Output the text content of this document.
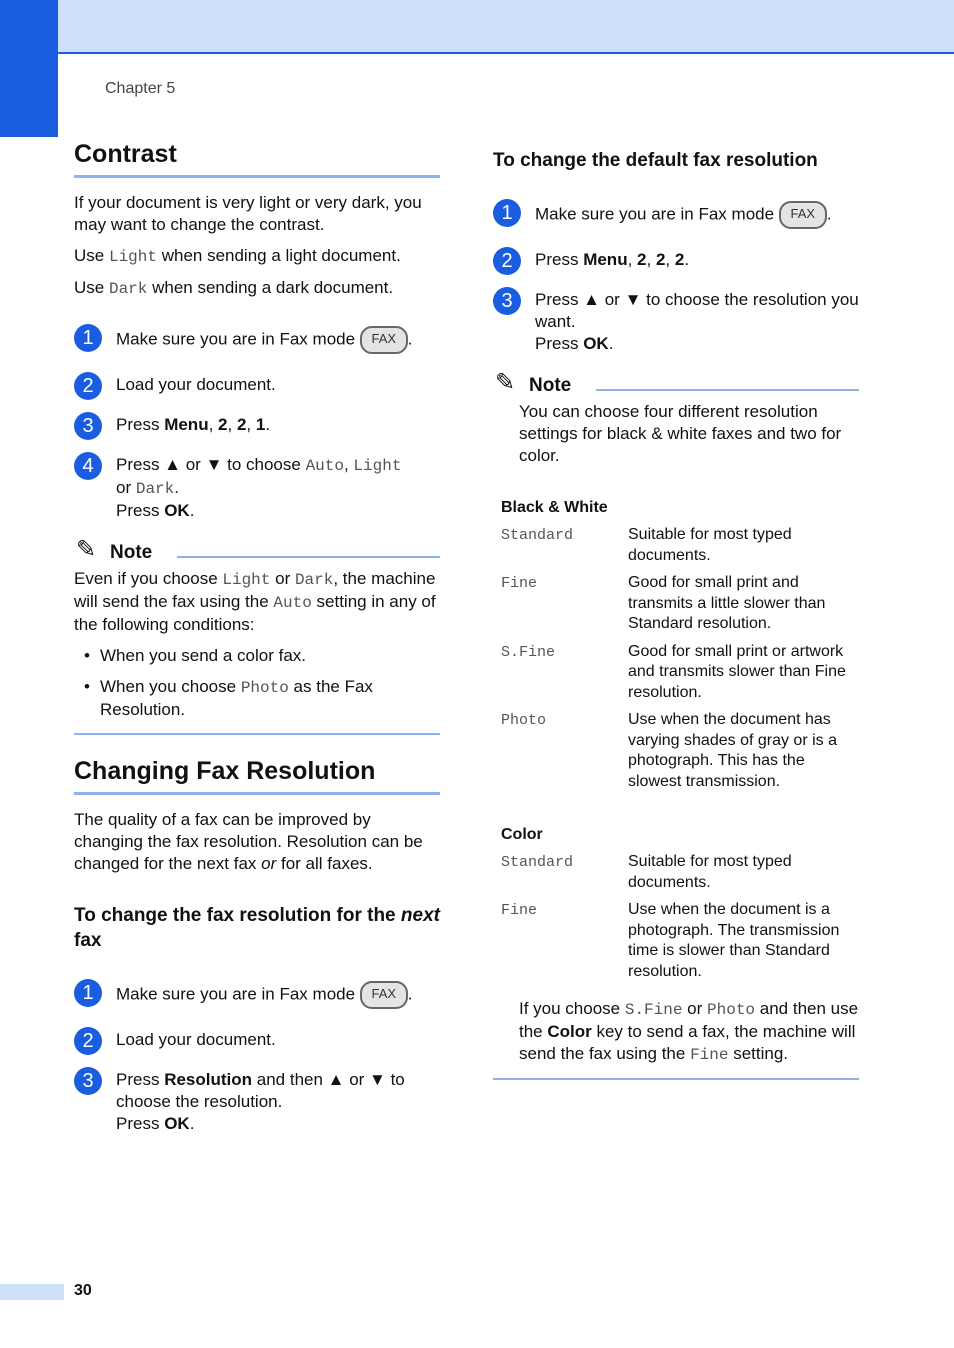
Chapter 5
Contrast

If your document is very light or very dark, you may want to change the contrast.

Use Light when sending a light document.

Use Dark when sending a dark document.

1	Make sure you are in Fax mode FAX .
2	Load your document.
3	Press Menu, 2, 2, 1.
4	Press ▲ or ▼ to choose Auto, Light
or Dark.
Press OK.
✎ Note

Even if you choose Light or Dark, the machine will send the fax using the Auto setting in any of the following conditions:

• When you send a color fax.
• When you choose Photo as the Fax Resolution.
Changing Fax Resolution

The quality of a fax can be improved by changing the fax resolution. Resolution can be changed for the next fax or for all faxes.

To change the fax resolution for the next fax
1	Make sure you are in Fax mode FAX .
2	Load your document.
3	Press Resolution and then ▲ or ▼ to choose the resolution.
Press OK.
To change the default fax resolution
1	Make sure you are in Fax mode FAX .
2	Press Menu, 2, 2, 2.
3	Press ▲ or ▼ to choose the resolution you want.
Press OK.
✎ Note

You can choose four different resolution settings for black & white faxes and two for color.

Black & White
Standard	Suitable for most typed documents.
Fine	Good for small print and transmits a little slower than Standard resolution.
S.Fine	Good for small print or artwork and transmits slower than Fine resolution.
Photo	Use when the document has varying shades of gray or is a photograph. This has the slowest transmission.
Color
Standard	Suitable for most typed documents.
Fine	Use when the document is a photograph. The transmission time is slower than Standard resolution.

If you choose S.Fine or Photo and then use the Color key to send a fax, the machine will send the fax using the Fine setting.

30
